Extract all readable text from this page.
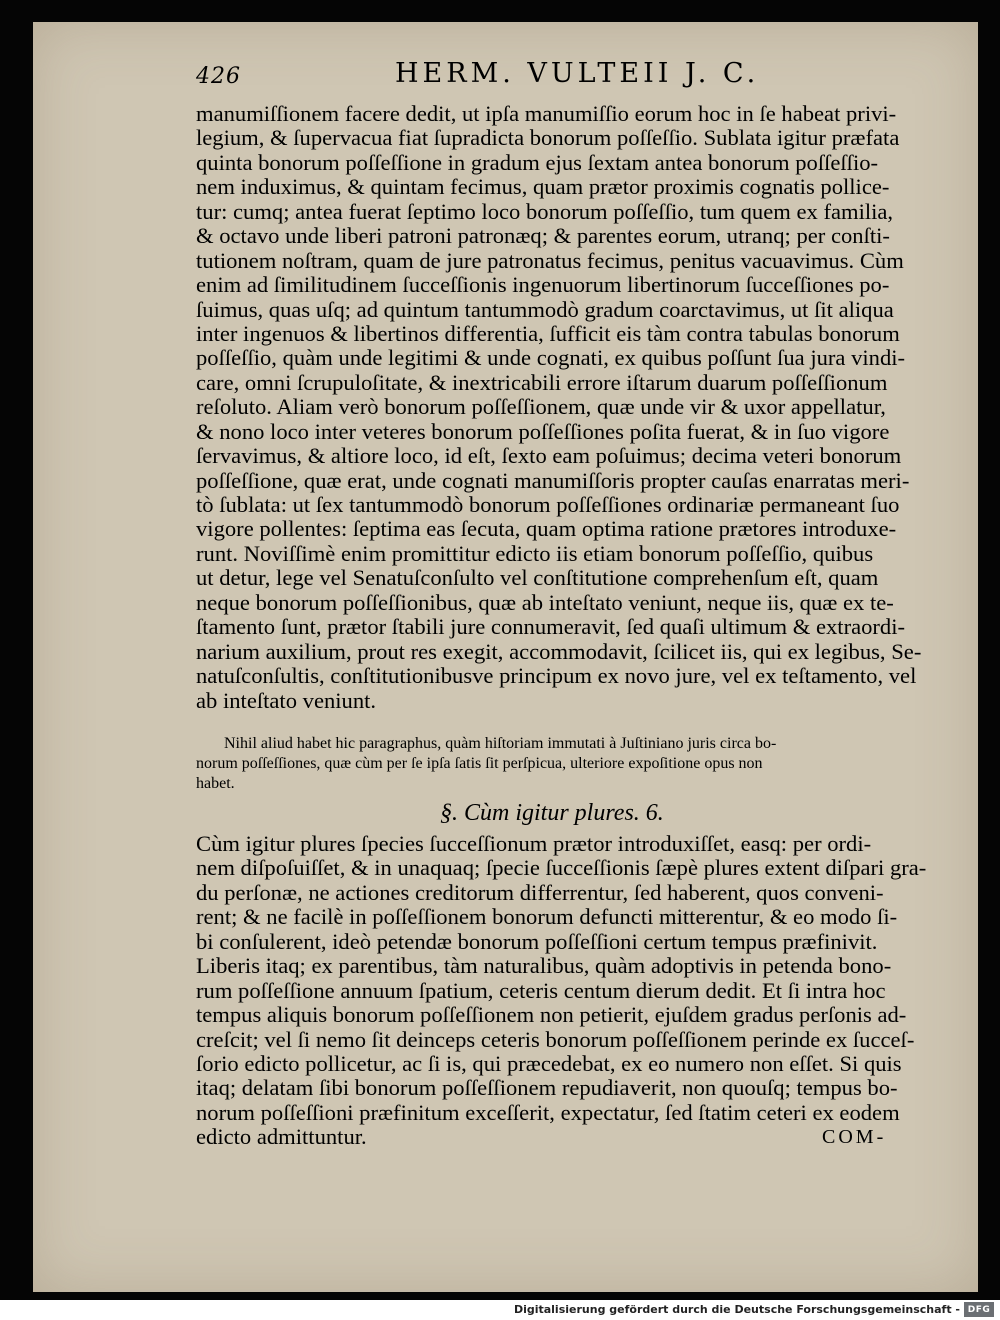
426	HERM. VULTEII J. C.
manumiſſionem facere dedit, ut ipſa manumiſſio eorum hoc in ſe habeat privi-
legium, & ſupervacua fiat ſupradicta bonorum poſſeſſio. Sublata igitur præfata
quinta bonorum poſſeſſione in gradum ejus ſextam antea bonorum poſſeſſio-
nem induximus, & quintam fecimus, quam prætor proximis cognatis pollice-
tur: cumq; antea fuerat ſeptimo loco bonorum poſſeſſio, tum quem ex familia,
& octavo unde liberi patroni patronæq; & parentes eorum, utranq; per conſti-
tutionem noſtram, quam de jure patronatus fecimus, penitus vacuavimus. Cùm
enim ad ſimilitudinem ſucceſſionis ingenuorum libertinorum ſucceſſiones po-
ſuimus, quas uſq; ad quintum tantummodò gradum coarctavimus, ut ſit aliqua
inter ingenuos & libertinos differentia, ſufficit eis tàm contra tabulas bonorum
poſſeſſio, quàm unde legitimi & unde cognati, ex quibus poſſunt ſua jura vindi-
care, omni ſcrupuloſitate, & inextricabili errore iſtarum duarum poſſeſſionum
reſoluto. Aliam verò bonorum poſſeſſionem, quæ unde vir & uxor appellatur,
& nono loco inter veteres bonorum poſſeſſiones poſita fuerat, & in ſuo vigore
ſervavimus, & altiore loco, id eſt, ſexto eam poſuimus; decima veteri bonorum
poſſeſſione, quæ erat, unde cognati manumiſſoris propter cauſas enarratas meri-
tò ſublata: ut ſex tantummodò bonorum poſſeſſiones ordinariæ permaneant ſuo
vigore pollentes: ſeptima eas ſecuta, quam optima ratione prætores introduxe-
runt. Noviſſimè enim promittitur edicto iis etiam bonorum poſſeſſio, quibus
ut detur, lege vel Senatuſconſulto vel conſtitutione comprehenſum eſt, quam
neque bonorum poſſeſſionibus, quæ ab inteſtato veniunt, neque iis, quæ ex te-
ſtamento ſunt, prætor ſtabili jure connumeravit, ſed quaſi ultimum & extraordi-
narium auxilium, prout res exegit, accommodavit, ſcilicet iis, qui ex legibus, Se-
natuſconſultis, conſtitutionibusve principum ex novo jure, vel ex teſtamento, vel
ab inteſtato veniunt.
Nihil aliud habet hic paragraphus, quàm hiſtoriam immutati à Juſtiniano juris circa bo-
norum poſſeſſiones, quæ cùm per ſe ipſa ſatis ſit perſpicua, ulteriore expoſitione opus non
habet.
§. Cùm igitur plures. 6.
Cùm igitur plures ſpecies ſucceſſionum prætor introduxiſſet, easq: per ordi-
nem diſpoſuiſſet, & in unaquaq; ſpecie ſucceſſionis ſæpè plures extent diſpari gra-
du perſonæ, ne actiones creditorum differrentur, ſed haberent, quos conveni-
rent; & ne facilè in poſſeſſionem bonorum defuncti mitterentur, & eo modo ſi-
bi conſulerent, ideò petendæ bonorum poſſeſſioni certum tempus præfinivit.
Liberis itaq; ex parentibus, tàm naturalibus, quàm adoptivis in petenda bono-
rum poſſeſſione annuum ſpatium, ceteris centum dierum dedit. Et ſi intra hoc
tempus aliquis bonorum poſſeſſionem non petierit, ejuſdem gradus perſonis ad-
creſcit; vel ſi nemo ſit deinceps ceteris bonorum poſſeſſionem perinde ex ſucceſ-
ſorio edicto pollicetur, ac ſi is, qui præcedebat, ex eo numero non eſſet. Si quis
itaq; delatam ſibi bonorum poſſeſſionem repudiaverit, non quouſq; tempus bo-
norum poſſeſſioni præfinitum exceſſerit, expectatur, ſed ſtatim ceteri ex eodem
edicto admittuntur.	COM-
Digitalisierung gefördert durch die Deutsche Forschungsgemeinschaft - DFG
